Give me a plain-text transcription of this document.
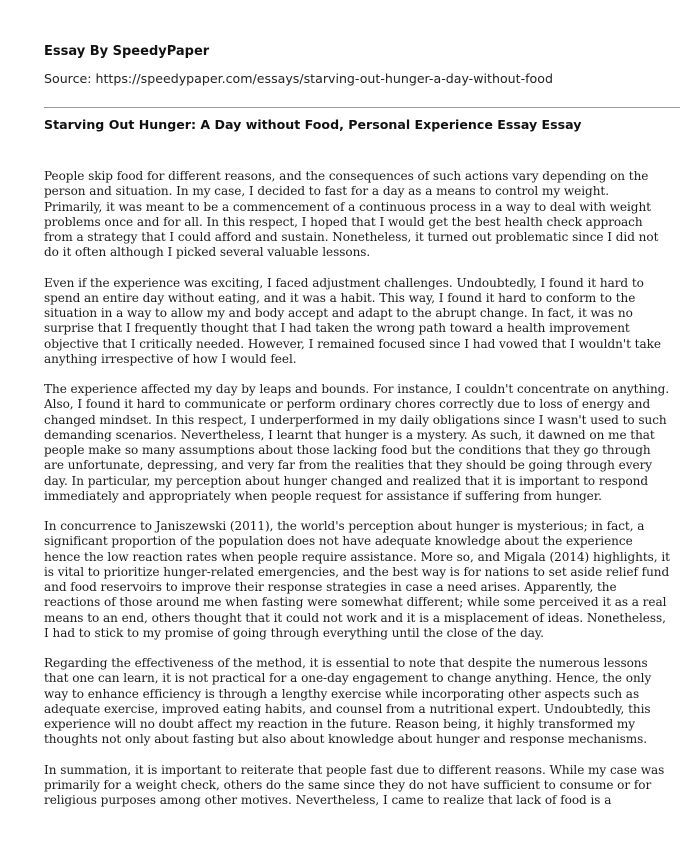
Essay By SpeedyPaper
Source: https://speedypaper.com/essays/starving-out-hunger-a-day-without-food
Starving Out Hunger: A Day without Food, Personal Experience Essay Essay

People skip food for different reasons, and the consequences of such actions vary depending on the person and situation. In my case, I decided to fast for a day as a means to control my weight. Primarily, it was meant to be a commencement of a continuous process in a way to deal with weight problems once and for all. In this respect, I hoped that I would get the best health check approach from a strategy that I could afford and sustain. Nonetheless, it turned out problematic since I did not do it often although I picked several valuable lessons.

Even if the experience was exciting, I faced adjustment challenges. Undoubtedly, I found it hard to spend an entire day without eating, and it was a habit. This way, I found it hard to conform to the situation in a way to allow my and body accept and adapt to the abrupt change. In fact, it was no surprise that I frequently thought that I had taken the wrong path toward a health improvement objective that I critically needed. However, I remained focused since I had vowed that I wouldn't take anything irrespective of how I would feel.

The experience affected my day by leaps and bounds. For instance, I couldn't concentrate on anything. Also, I found it hard to communicate or perform ordinary chores correctly due to loss of energy and changed mindset. In this respect, I underperformed in my daily obligations since I wasn't used to such demanding scenarios. Nevertheless, I learnt that hunger is a mystery. As such, it dawned on me that people make so many assumptions about those lacking food but the conditions that they go through are unfortunate, depressing, and very far from the realities that they should be going through every day. In particular, my perception about hunger changed and realized that it is important to respond immediately and appropriately when people request for assistance if suffering from hunger.

In concurrence to Janiszewski (2011), the world's perception about hunger is mysterious; in fact, a significant proportion of the population does not have adequate knowledge about the experience hence the low reaction rates when people require assistance. More so, and Migala (2014) highlights, it is vital to prioritize hunger-related emergencies, and the best way is for nations to set aside relief fund and food reservoirs to improve their response strategies in case a need arises. Apparently, the reactions of those around me when fasting were somewhat different; while some perceived it as a real means to an end, others thought that it could not work and it is a misplacement of ideas. Nonetheless, I had to stick to my promise of going through everything until the close of the day.

Regarding the effectiveness of the method, it is essential to note that despite the numerous lessons that one can learn, it is not practical for a one-day engagement to change anything. Hence, the only way to enhance efficiency is through a lengthy exercise while incorporating other aspects such as adequate exercise, improved eating habits, and counsel from a nutritional expert. Undoubtedly, this experience will no doubt affect my reaction in the future. Reason being, it highly transformed my thoughts not only about fasting but also about knowledge about hunger and response mechanisms.

In summation, it is important to reiterate that people fast due to different reasons. While my case was primarily for a weight check, others do the same since they do not have sufficient to consume or for religious purposes among other motives. Nevertheless, I came to realize that lack of food is a
